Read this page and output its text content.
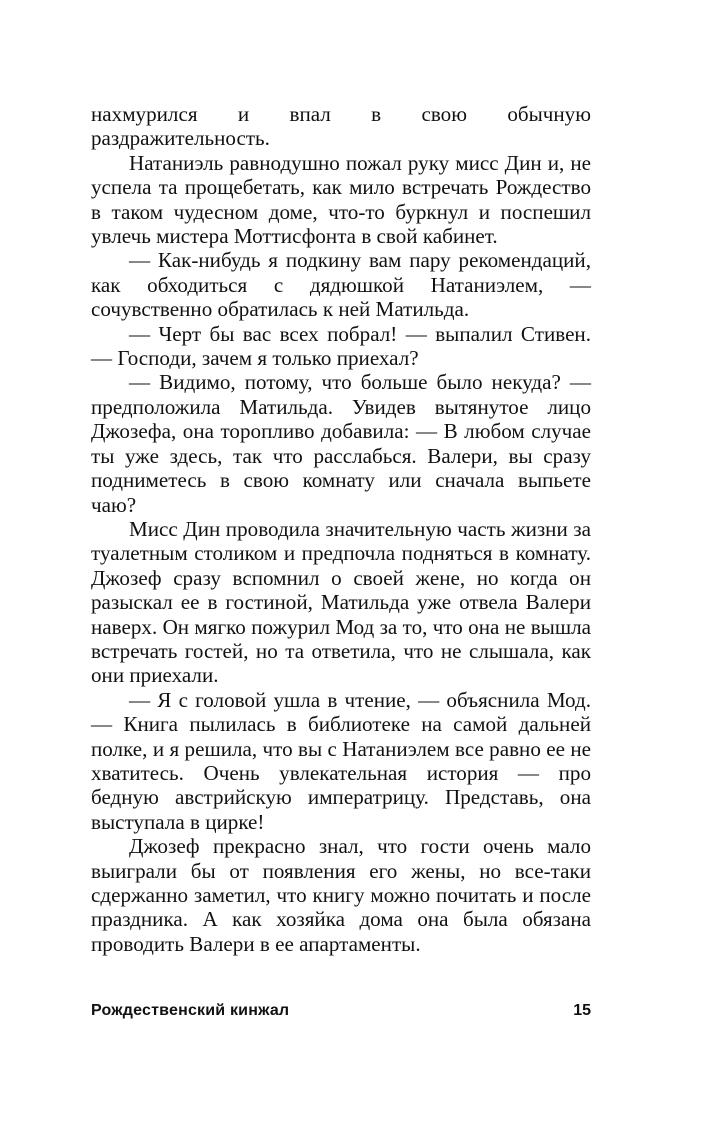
нахмурился и впал в свою обычную раздражительность.

Натаниэль равнодушно пожал руку мисс Дин и, не успела та прощебетать, как мило встречать Рождество в таком чудесном доме, что-то буркнул и поспешил увлечь мистера Моттисфонта в свой кабинет.

— Как-нибудь я подкину вам пару рекомендаций, как обходиться с дядюшкой Натаниэлем, — сочувственно обратилась к ней Матильда.

— Черт бы вас всех побрал! — выпалил Стивен. — Господи, зачем я только приехал?

— Видимо, потому, что больше было некуда? — предположила Матильда. Увидев вытянутое лицо Джозефа, она торопливо добавила: — В любом случае ты уже здесь, так что расслабься. Валери, вы сразу подниметесь в свою комнату или сначала выпьете чаю?

Мисс Дин проводила значительную часть жизни за туалетным столиком и предпочла подняться в комнату. Джозеф сразу вспомнил о своей жене, но когда он разыскал ее в гостиной, Матильда уже отвела Валери наверх. Он мягко пожурил Мод за то, что она не вышла встречать гостей, но та ответила, что не слышала, как они приехали.

— Я с головой ушла в чтение, — объяснила Мод. — Книга пылилась в библиотеке на самой дальней полке, и я решила, что вы с Натаниэлем все равно ее не хватитесь. Очень увлекательная история — про бедную австрийскую императрицу. Представь, она выступала в цирке!

Джозеф прекрасно знал, что гости очень мало выиграли бы от появления его жены, но все-таки сдержанно заметил, что книгу можно почитать и после праздника. А как хозяйка дома она была обязана проводить Валери в ее апартаменты.

Рождественский кинжал	15
